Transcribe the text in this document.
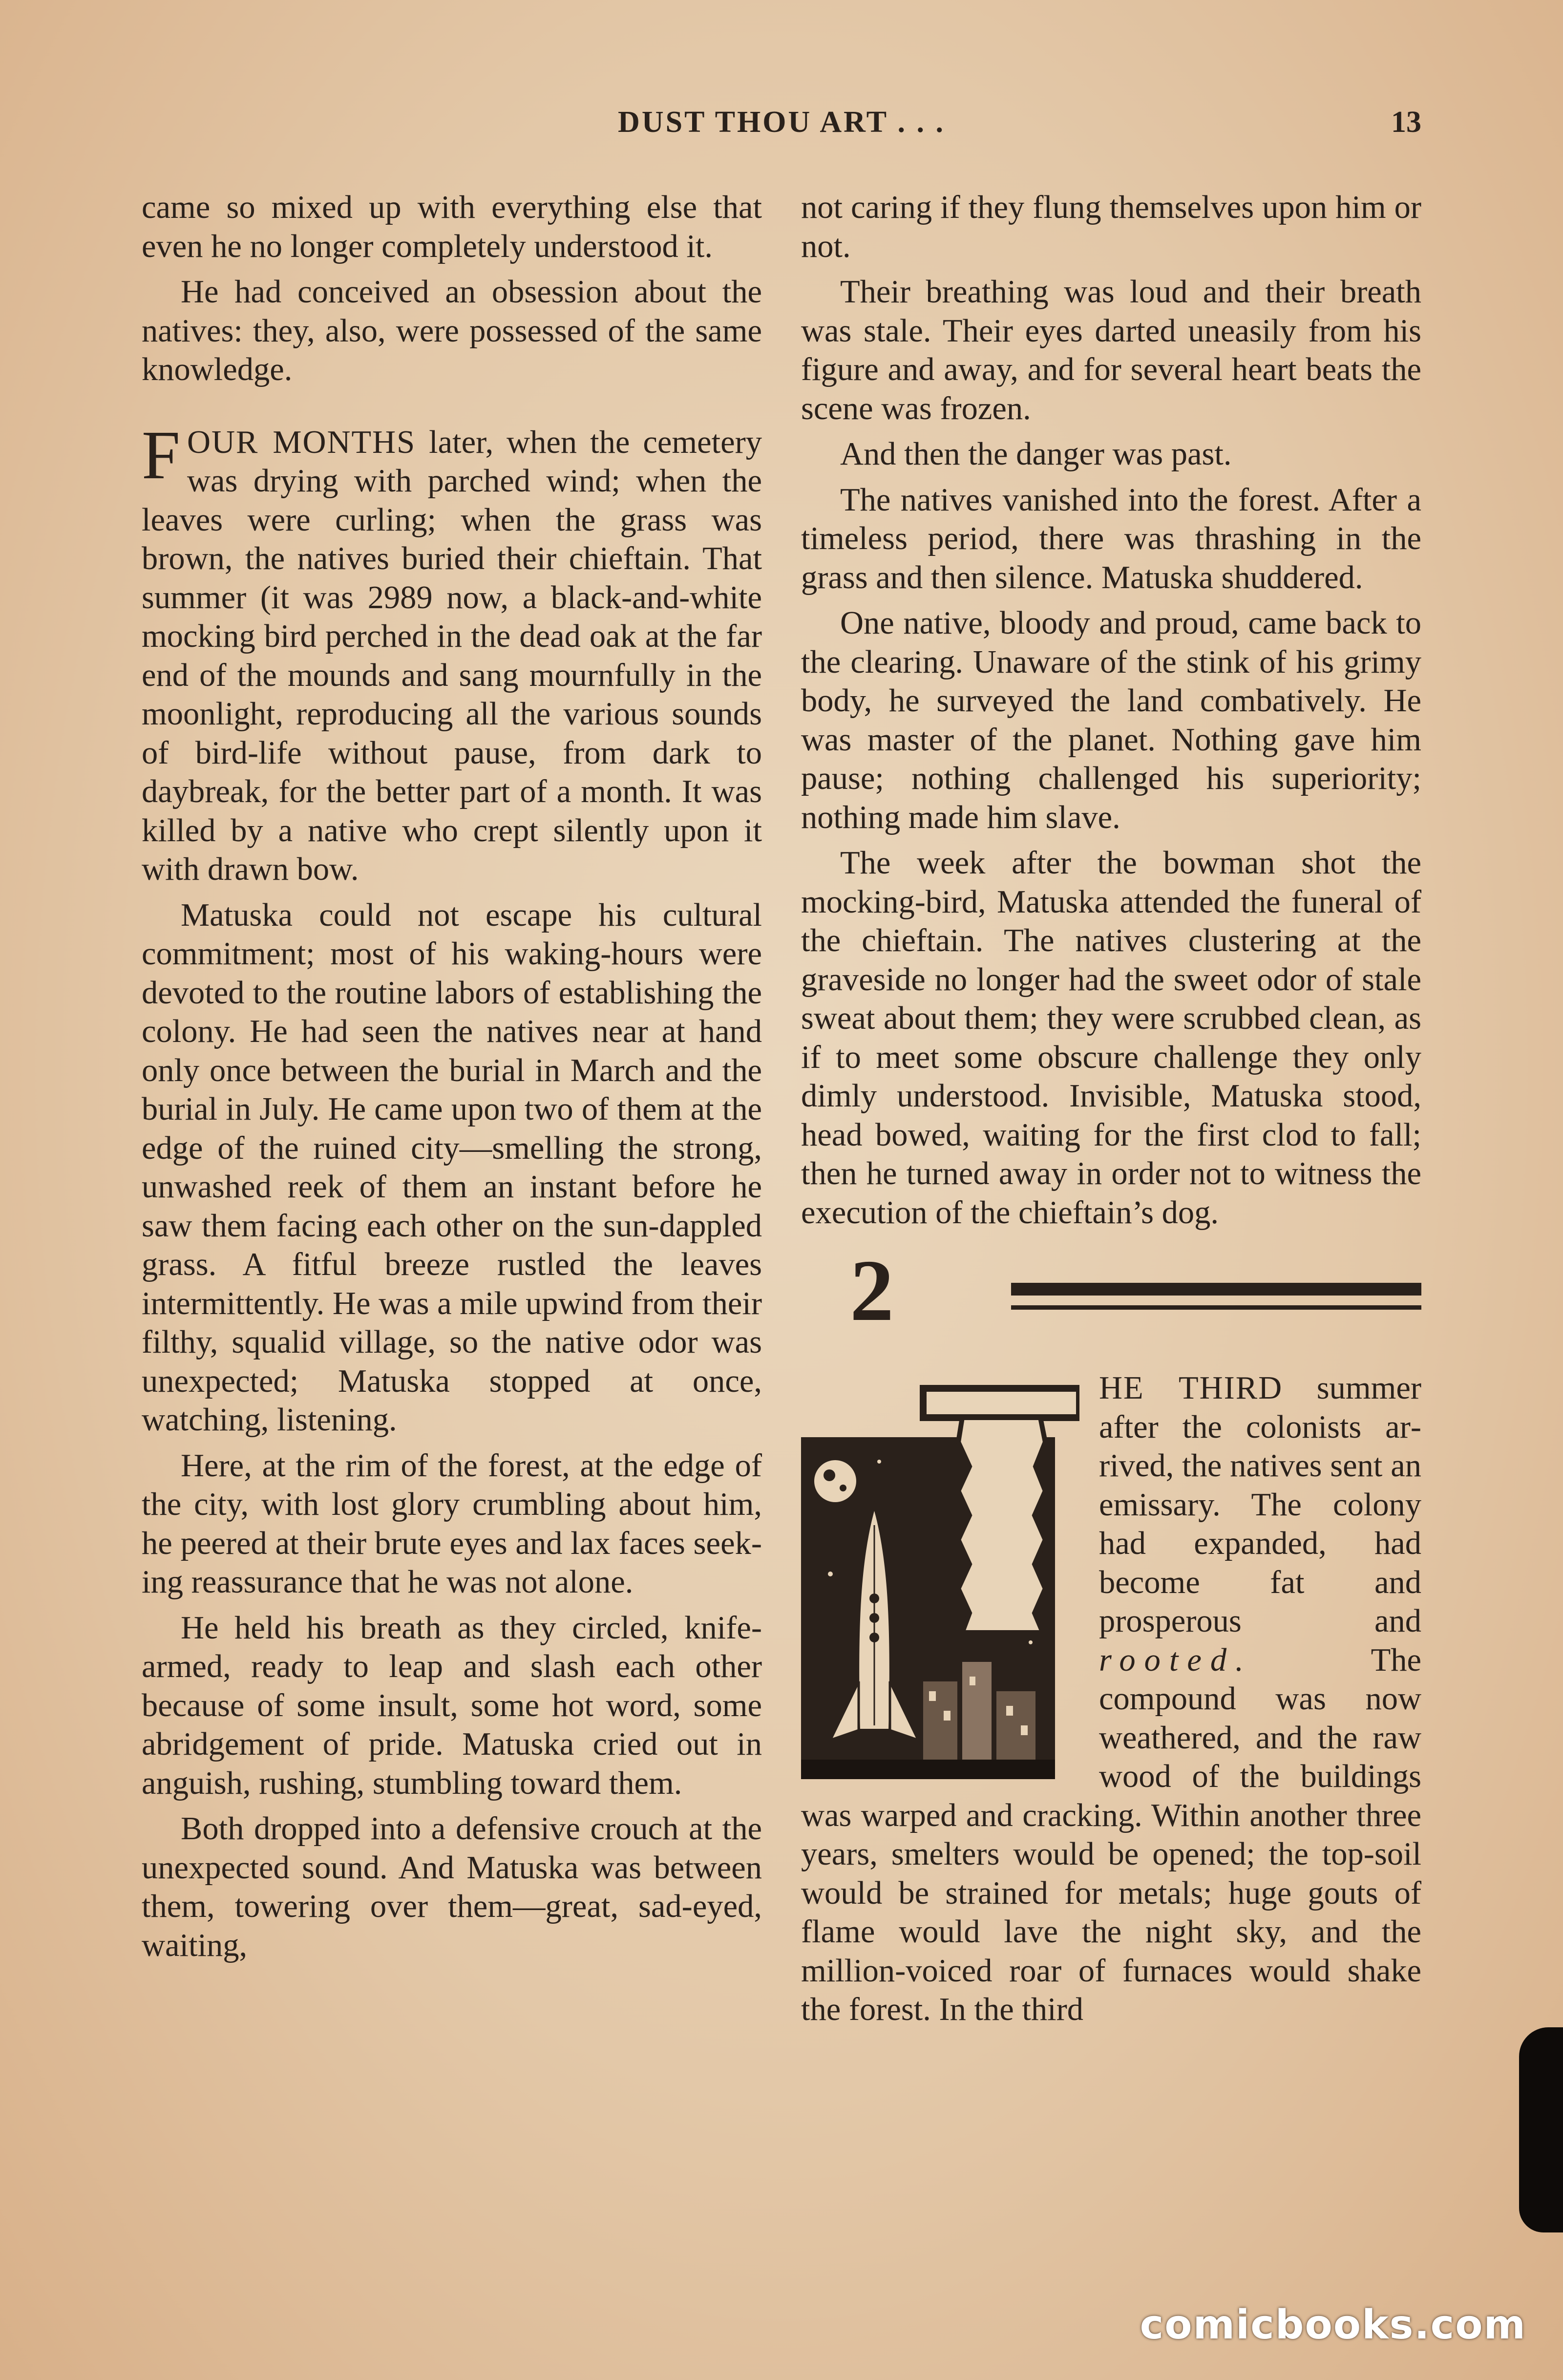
DUST THOU ART . . .	13

came so mixed up with everything else that even he no longer completely understood it.

He had conceived an obsession about the natives: they, also, were possessed of the same knowledge.

FOUR MONTHS later, when the cemetery was drying with parched wind; when the leaves were curling; when the grass was brown, the natives buried their chieftain. That summer (it was 2989 now, a black-and-white mocking bird perched in the dead oak at the far end of the mounds and sang mournfully in the moonlight, reproducing all the various sounds of bird-life without pause, from dark to daybreak, for the better part of a month. It was killed by a native who crept silently upon it with drawn bow.

Matuska could not escape his cultural commitment; most of his waking-hours were devoted to the routine labors of establishing the colony. He had seen the natives near at hand only once between the burial in March and the burial in July. He came upon two of them at the edge of the ruined city—smelling the strong, unwashed reek of them an instant before he saw them facing each other on the sun-dappled grass. A fitful breeze rustled the leaves intermittently. He was a mile upwind from their filthy, squalid village, so the native odor was unexpected; Matuska stopped at once, watching, listening.

Here, at the rim of the forest, at the edge of the city, with lost glory crumbling about him, he peered at their brute eyes and lax faces seeking reassurance that he was not alone.

He held his breath as they circled, knife-armed, ready to leap and slash each other because of some insult, some hot word, some abridgement of pride. Matuska cried out in anguish, rushing, stumbling toward them.

Both dropped into a defensive crouch at the unexpected sound. And Matuska was between them, towering over them—great, sad-eyed, waiting,

not caring if they flung themselves upon him or not.

Their breathing was loud and their breath was stale. Their eyes darted uneasily from his figure and away, and for several heart beats the scene was frozen.

And then the danger was past.

The natives vanished into the forest. After a timeless period, there was thrashing in the grass and then silence. Matuska shuddered.

One native, bloody and proud, came back to the clearing. Unaware of the stink of his grimy body, he surveyed the land combatively. He was master of the planet. Nothing gave him pause; nothing challenged his superiority; nothing made him slave.

The week after the bowman shot the mocking-bird, Matuska attended the funeral of the chieftain. The natives clustering at the graveside no longer had the sweet odor of stale sweat about them; they were scrubbed clean, as if to meet some obscure challenge they only dimly understood. Invisible, Matuska stood, head bowed, waiting for the first clod to fall; then he turned away in order not to witness the execution of the chieftain’s dog.

2

HE THIRD summer after the colonists arrived, the natives sent an emissary. The colony had expanded, had become fat and prosperous and rooted. The compound was now weathered, and the raw wood of the buildings was warped and cracking. Within another three years, smelters would be opened; the top-soil would be strained for metals; huge gouts of flame would lave the night sky, and the million-voiced roar of furnaces would shake the forest. In the third

comicbooks.com
